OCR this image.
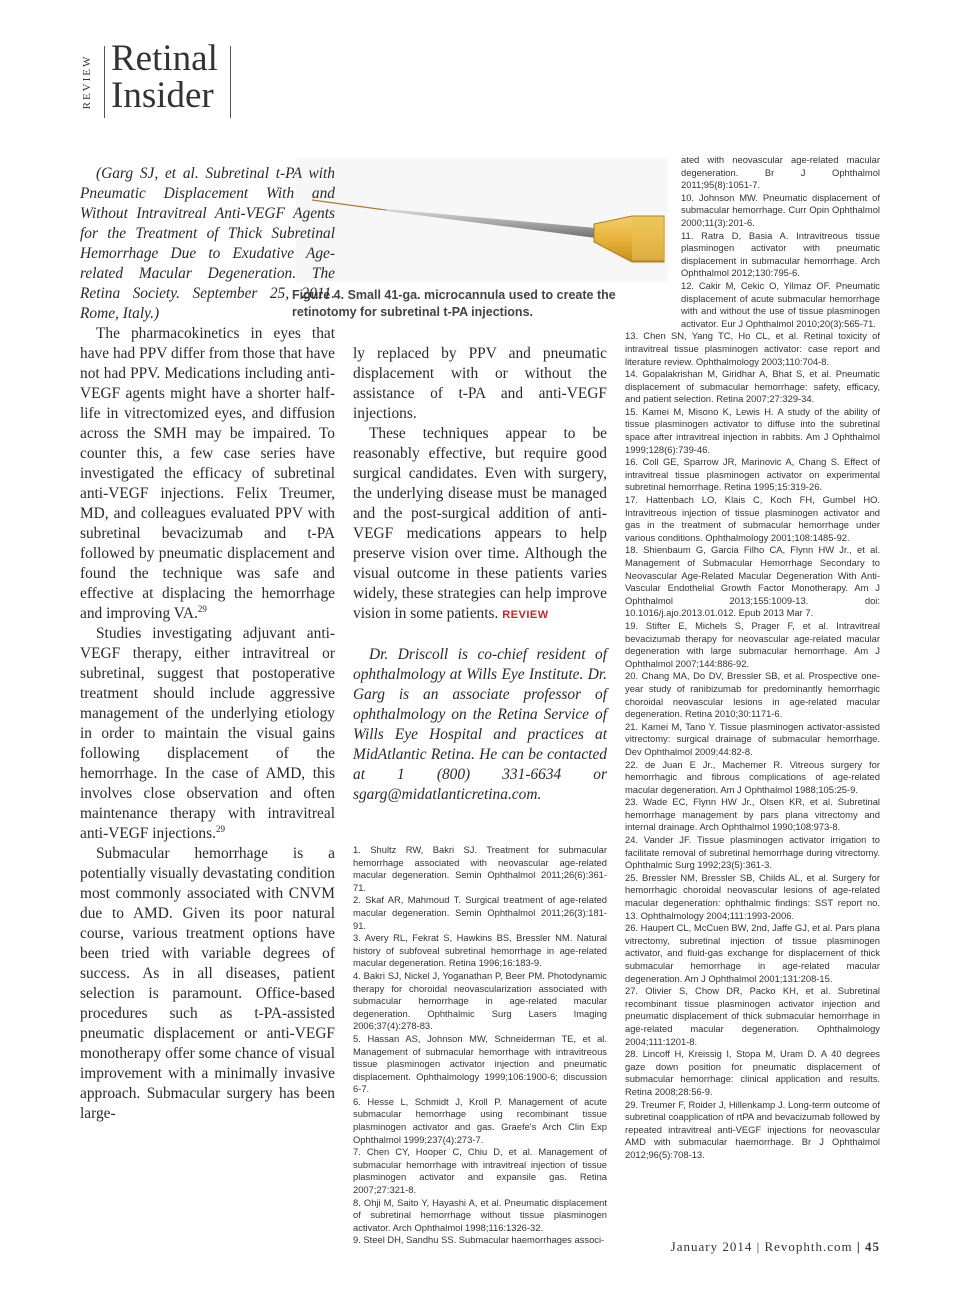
REVIEW Retinal
Insider
Figure 4. Small 41-ga. microcannula used to create the retinotomy for subretinal t-PA injections.

(Garg SJ, et al. Subretinal t-PA with Pneumatic Displacement With and Without Intravitreal Anti-VEGF Agents for the Treatment of Thick Subretinal Hemorrhage Due to Exudative Age-related Macular Degeneration. The Retina Society. September 25, 2011. Rome, Italy.)

The pharmacokinetics in eyes that have had PPV differ from those that have not had PPV. Medications including anti-VEGF agents might have a shorter half-life in vitrectomized eyes, and diffusion across the SMH may be impaired. To counter this, a few case series have investigated the efficacy of subretinal anti-VEGF injections. Felix Treumer, MD, and colleagues evaluated PPV with subretinal bevacizumab and t-PA followed by pneumatic displacement and found the technique was safe and effective at displacing the hemorrhage and improving VA.$^{29}$

Studies investigating adjuvant anti-VEGF therapy, either intravitreal or subretinal, suggest that postoperative treatment should include aggressive management of the underlying etiology in order to maintain the visual gains following displacement of the hemorrhage. In the case of AMD, this involves close observation and often maintenance therapy with intravitreal anti-VEGF injections.$^{29}$

Submacular hemorrhage is a potentially visually devastating condition most commonly associated with CNVM due to AMD. Given its poor natural course, various treatment options have been tried with variable degrees of success. As in all diseases, patient selection is paramount. Office-based procedures such as t-PA-assisted pneumatic displacement or anti-VEGF monotherapy offer some chance of visual improvement with a minimally invasive approach. Submacular surgery has been large-

ly replaced by PPV and pneumatic displacement with or without the assistance of t-PA and anti-VEGF injections.

These techniques appear to be reasonably effective, but require good surgical candidates. Even with surgery, the underlying disease must be managed and the post-surgical addition of anti-VEGF medications appears to help preserve vision over time. Although the visual outcome in these patients varies widely, these strategies can help improve vision in some patients. REVIEW

Dr. Driscoll is co-chief resident of ophthalmology at Wills Eye Institute. Dr. Garg is an associate professor of ophthalmology on the Retina Service of Wills Eye Hospital and practices at MidAtlantic Retina. He can be contacted at 1 (800) 331-6634 or sgarg@midatlanticretina.com.

1. Shultz RW, Bakri SJ. Treatment for submacular hemorrhage associated with neovascular age-related macular degeneration. Semin Ophthalmol 2011;26(6):361-71.

2. Skaf AR, Mahmoud T. Surgical treatment of age-related macular degeneration. Semin Ophthalmol 2011;26(3):181-91.

3. Avery RL, Fekrat S, Hawkins BS, Bressler NM. Natural history of subfoveal subretinal hemorrhage in age-related macular degeneration. Retina 1996;16:183-9.

4. Bakri SJ, Nickel J, Yoganathan P, Beer PM. Photodynamic therapy for choroidal neovascularization associated with submacular hemorrhage in age-related macular degeneration. Ophthalmic Surg Lasers Imaging 2006;37(4):278-83.

5. Hassan AS, Johnson MW, Schneiderman TE, et al. Management of submacular hemorrhage with intravitreous tissue plasminogen activator injection and pneumatic displacement. Ophthalmology 1999;106:1900-6; discussion 6-7.

6. Hesse L, Schmidt J, Kroll P. Management of acute submacular hemorrhage using recombinant tissue plasminogen activator and gas. Graefe's Arch Clin Exp Ophthalmol 1999;237(4):273-7.

7. Chen CY, Hooper C, Chiu D, et al. Management of submacular hemorrhage with intravitreal injection of tissue plasminogen activator and expansile gas. Retina 2007;27:321-8.

8. Ohji M, Saito Y, Hayashi A, et al. Pneumatic displacement of subretinal hemorrhage without tissue plasminogen activator. Arch Ophthalmol 1998;116:1326-32.

9. Steel DH, Sandhu SS. Submacular haemorrhages associ-

ated with neovascular age-related macular degeneration. Br J Ophthalmol 2011;95(8):1051-7.

10. Johnson MW. Pneumatic displacement of submacular hemorrhage. Curr Opin Ophthalmol 2000;11(3):201-6.

11. Ratra D, Basia A. Intravitreous tissue plasminogen activator with pneumatic displacement in submacular hemorrhage. Arch Ophthalmol 2012;130:795-6.

12. Cakir M, Cekic O, Yilmaz OF. Pneumatic displacement of acute submacular hemorrhage with and without the use of tissue plasminogen activator. Eur J Ophthalmol 2010;20(3):565-71.

13. Chen SN, Yang TC, Ho CL, et al. Retinal toxicity of intravitreal tissue plasminogen activator: case report and literature review. Ophthalmology 2003;110:704-8.

14. Gopalakrishan M, Giridhar A, Bhat S, et al. Pneumatic displacement of submacular hemorrhage: safety, efficacy, and patient selection. Retina 2007;27:329-34.

15. Kamei M, Misono K, Lewis H. A study of the ability of tissue plasminogen activator to diffuse into the subretinal space after intravitreal injection in rabbits. Am J Ophthalmol 1999;128(6):739-46.

16. Coll GE, Sparrow JR, Marinovic A, Chang S. Effect of intravitreal tissue plasminogen activator on experimental subretinal hemorrhage. Retina 1995;15:319-26.

17. Hattenbach LO, Klais C, Koch FH, Gumbel HO. Intravitreous injection of tissue plasminogen activator and gas in the treatment of submacular hemorrhage under various conditions. Ophthalmology 2001;108:1485-92.

18. Shienbaum G, Garcia Filho CA, Flynn HW Jr., et al. Management of Submacular Hemorrhage Secondary to Neovascular Age-Related Macular Degeneration With Anti-Vascular Endothelial Growth Factor Monotherapy. Am J Ophthalmol 2013;155:1009-13. doi: 10.1016/j.ajo.2013.01.012. Epub 2013 Mar 7.

19. Stifter E, Michels S, Prager F, et al. Intravitreal bevacizumab therapy for neovascular age-related macular degeneration with large submacular hemorrhage. Am J Ophthalmol 2007;144:886-92.

20. Chang MA, Do DV, Bressler SB, et al. Prospective one-year study of ranibizumab for predominantly hemorrhagic choroidal neovascular lesions in age-related macular degeneration. Retina 2010;30:1171-6.

21. Kamei M, Tano Y. Tissue plasminogen activator-assisted vitrectomy: surgical drainage of submacular hemorrhage. Dev Ophthalmol 2009;44:82-8.

22. de Juan E Jr., Machemer R. Vitreous surgery for hemorrhagic and fibrous complications of age-related macular degeneration. Am J Ophthalmol 1988;105:25-9.

23. Wade EC, Flynn HW Jr., Olsen KR, et al. Subretinal hemorrhage management by pars plana vitrectomy and internal drainage. Arch Ophthalmol 1990;108:973-8.

24. Vander JF. Tissue plasminogen activator irrigation to facilitate removal of subretinal hemorrhage during vitrectomy. Ophthalmic Surg 1992;23(5):361-3.

25. Bressler NM, Bressler SB, Childs AL, et al. Surgery for hemorrhagic choroidal neovascular lesions of age-related macular degeneration: ophthalmic findings: SST report no. 13. Ophthalmology 2004;111:1993-2006.

26. Haupert CL, McCuen BW, 2nd, Jaffe GJ, et al. Pars plana vitrectomy, subretinal injection of tissue plasminogen activator, and fluid-gas exchange for displacement of thick submacular hemorrhage in age-related macular degeneration. Am J Ophthalmol 2001;131:208-15.

27. Olivier S, Chow DR, Packo KH, et al. Subretinal recombinant tissue plasminogen activator injection and pneumatic displacement of thick submacular hemorrhage in age-related macular degeneration. Ophthalmology 2004;111:1201-8.

28. Lincoff H, Kreissig I, Stopa M, Uram D. A 40 degrees gaze down position for pneumatic displacement of submacular hemorrhage: clinical application and results. Retina 2008;28:56-9.

29. Treumer F, Roider J, Hillenkamp J. Long-term outcome of subretinal coapplication of rtPA and bevacizumab followed by repeated intravitreal anti-VEGF injections for neovascular AMD with submacular haemorrhage. Br J Ophthalmol 2012;96(5):708-13.

January 2014 | Revophth.com | 45
